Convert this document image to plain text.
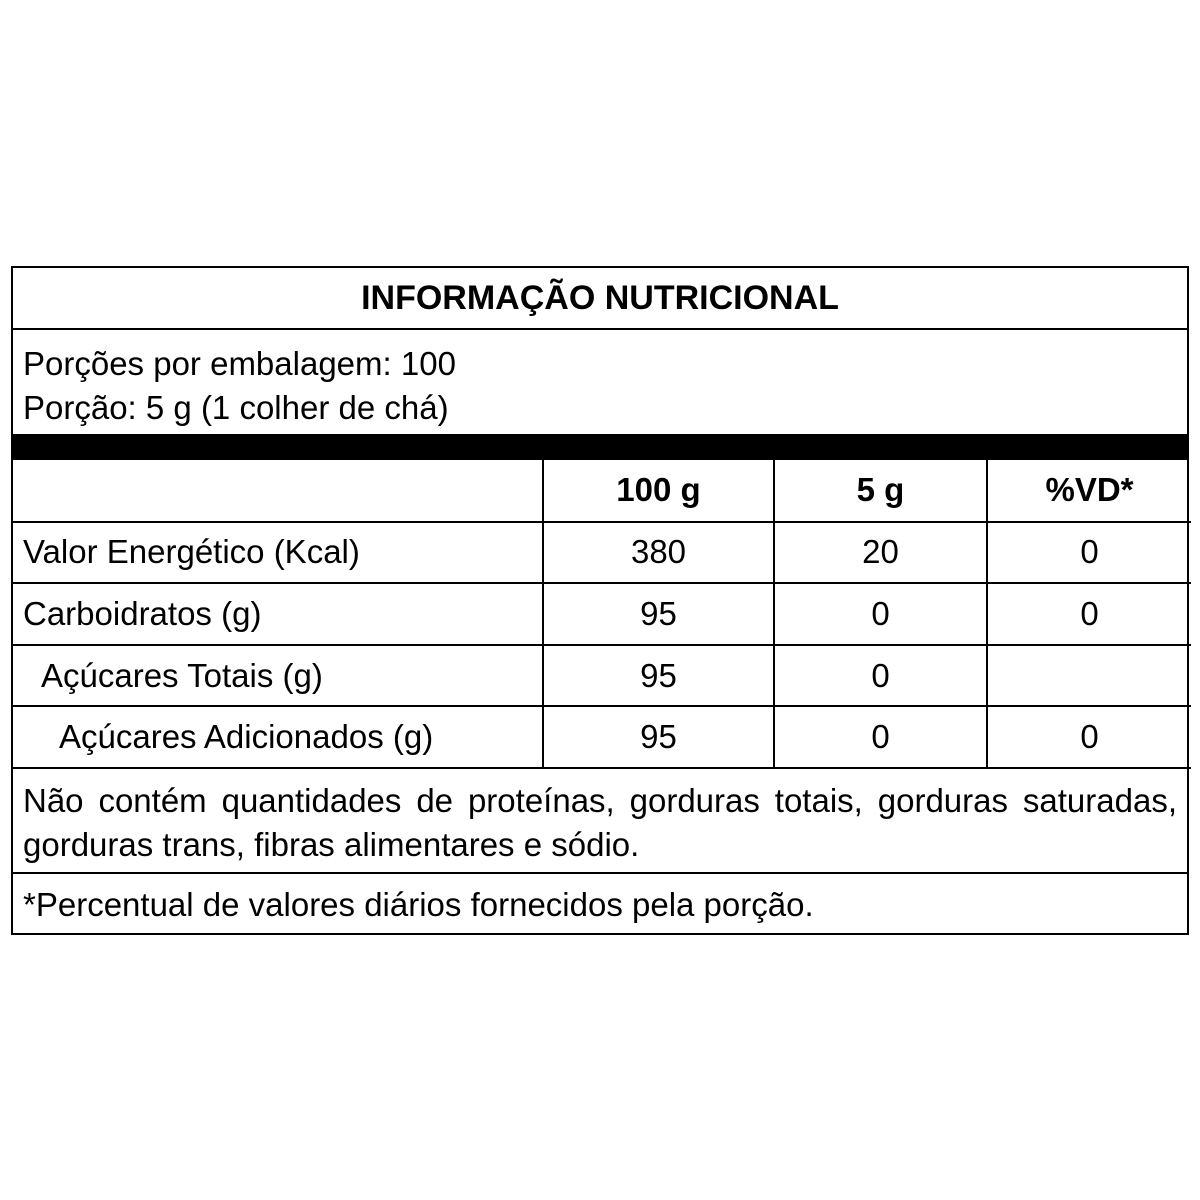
INFORMAÇÃO NUTRICIONAL
Porções por embalagem: 100
Porção: 5 g (1 colher de chá)
	100 g	5 g	%VD*
Valor Energético (Kcal)	380	20	0
Carboidratos (g)	95	0	0
Açúcares Totais (g)	95	0	
Açúcares Adicionados (g)	95	0	0
Não contém quantidades de proteínas, gorduras totais, gorduras saturadas, gorduras trans, fibras alimentares e sódio.
*Percentual de valores diários fornecidos pela porção.
